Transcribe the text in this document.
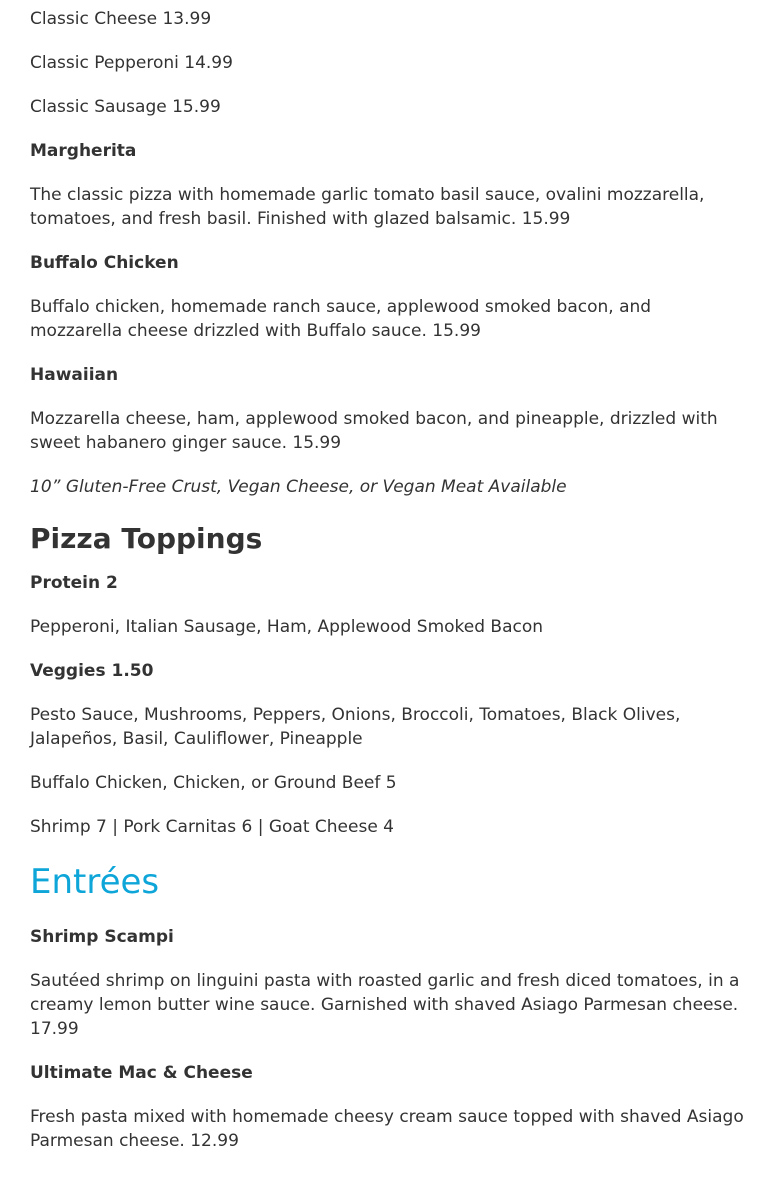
Classic Cheese 13.99

Classic Pepperoni 14.99

Classic Sausage 15.99

Margherita

The classic pizza with homemade garlic tomato basil sauce, ovalini mozzarella, tomatoes, and fresh basil. Finished with glazed balsamic. 15.99

Buffalo Chicken

Buffalo chicken, homemade ranch sauce, applewood smoked bacon, and mozzarella cheese drizzled with Buffalo sauce. 15.99

Hawaiian

Mozzarella cheese, ham, applewood smoked bacon, and pineapple, drizzled with sweet habanero ginger sauce. 15.99

10” Gluten-Free Crust, Vegan Cheese, or Vegan Meat Available

Pizza Toppings

Protein 2

Pepperoni, Italian Sausage, Ham, Applewood Smoked Bacon

Veggies 1.50

Pesto Sauce, Mushrooms, Peppers, Onions, Broccoli, Tomatoes, Black Olives, Jalapeños, Basil, Cauliflower, Pineapple

Buffalo Chicken, Chicken, or Ground Beef 5

Shrimp 7 | Pork Carnitas 6 | Goat Cheese 4

Entrées

Shrimp Scampi

Sautéed shrimp on linguini pasta with roasted garlic and fresh diced tomatoes, in a creamy lemon butter wine sauce. Garnished with shaved Asiago Parmesan cheese. 17.99

Ultimate Mac & Cheese

Fresh pasta mixed with homemade cheesy cream sauce topped with shaved Asiago Parmesan cheese. 12.99
